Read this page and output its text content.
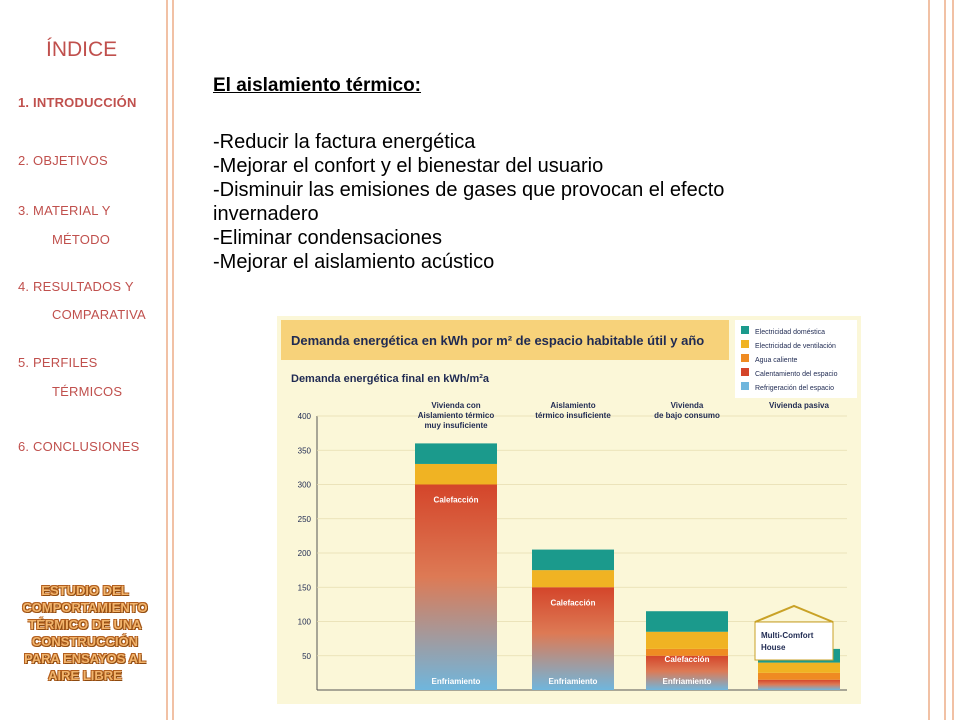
ÍNDICE
1. INTRODUCCIÓN
2. OBJETIVOS
3. MATERIAL Y
MÉTODO
4. RESULTADOS Y
COMPARATIVA
5. PERFILES
TÉRMICOS
6. CONCLUSIONES
ESTUDIO DEL
COMPORTAMIENTO
TÉRMICO DE UNA
CONSTRUCCIÓN
PARA ENSAYOS AL
AIRE LIBRE
El aislamiento térmico:
-Reducir la factura energética
-Mejorar el confort y el bienestar del usuario
-Disminuir las emisiones de gases que provocan el efecto
invernadero
-Eliminar condensaciones
-Mejorar el aislamiento acústico
Demanda energética en kWh por m² de espacio habitable útil y año
Demanda energética final en kWh/m²a
Electricidad doméstica
Electricidad de ventilación
Agua caliente
Calentamiento del espacio
Refrigeración del espacio
50
100
150
200
250
300
350
400
Calefacción
Enfriamiento
Calefacción
Enfriamiento
Calefacción
Enfriamiento
Vivienda con Aislamiento térmico muy insuficiente
Aislamiento térmico insuficiente
Vivienda de bajo consumo
Vivienda pasiva
Multi-Comfort
House
